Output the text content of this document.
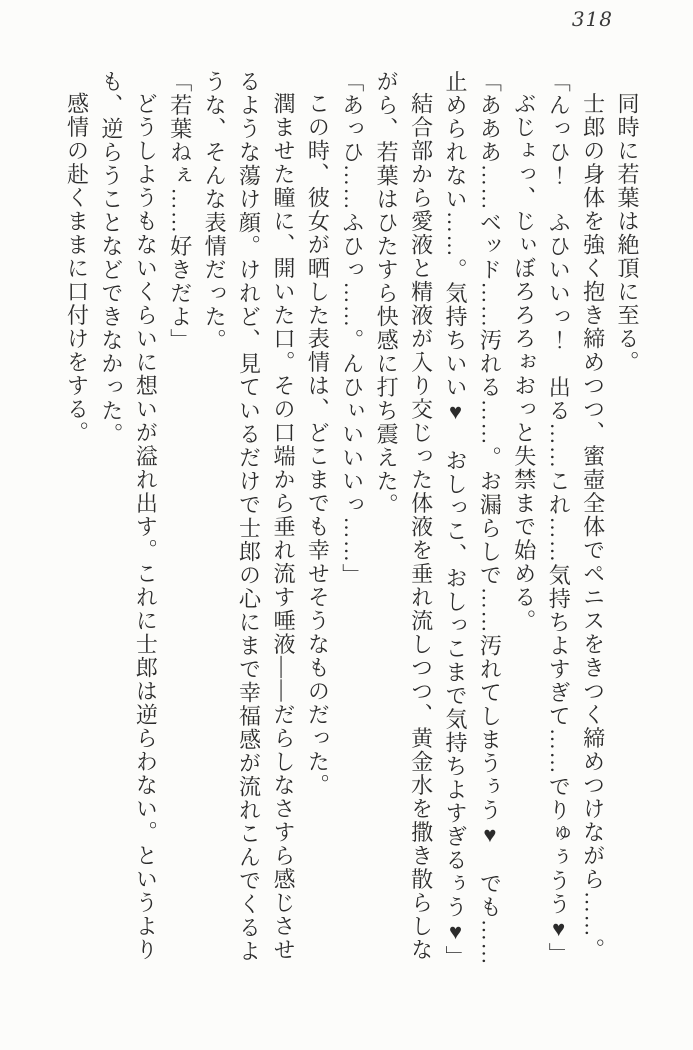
318
同時に若葉は絶頂に至る。
士郎の身体を強く抱き締めつつ、蜜壺全体でペニスをきつく締めつけながら……。
「んっひ！　ふひいいっ！　出る……これ……気持ちよすぎて……でりゅぅうう♥」
ぶじょっ、じぃぼろろろぉおっと失禁まで始める。
「あああ……ベッド……汚れる……。お漏らしで……汚れてしまうぅう♥　でも……
止められない……。気持ちいい♥　おしっこ、おしっこまで気持ちよすぎるぅう♥」
結合部から愛液と精液が入り交じった体液を垂れ流しつつ、黄金水を撒き散らしな
がら、若葉はひたすら快感に打ち震えた。
「あっひ……ふひっ……。んひぃいいいっ……」
この時、彼女が晒した表情は、どこまでも幸せそうなものだった。
潤ませた瞳に、開いた口。その口端から垂れ流す唾液――だらしなさすら感じさせ
るような蕩け顔。けれど、見ているだけで士郎の心にまで幸福感が流れこんでくるよ
うな、そんな表情だった。
「若葉ねぇ……好きだよ」
どうしようもないくらいに想いが溢れ出す。これに士郎は逆らわない。というより
も、逆らうことなどできなかった。
感情の赴くままに口付けをする。
